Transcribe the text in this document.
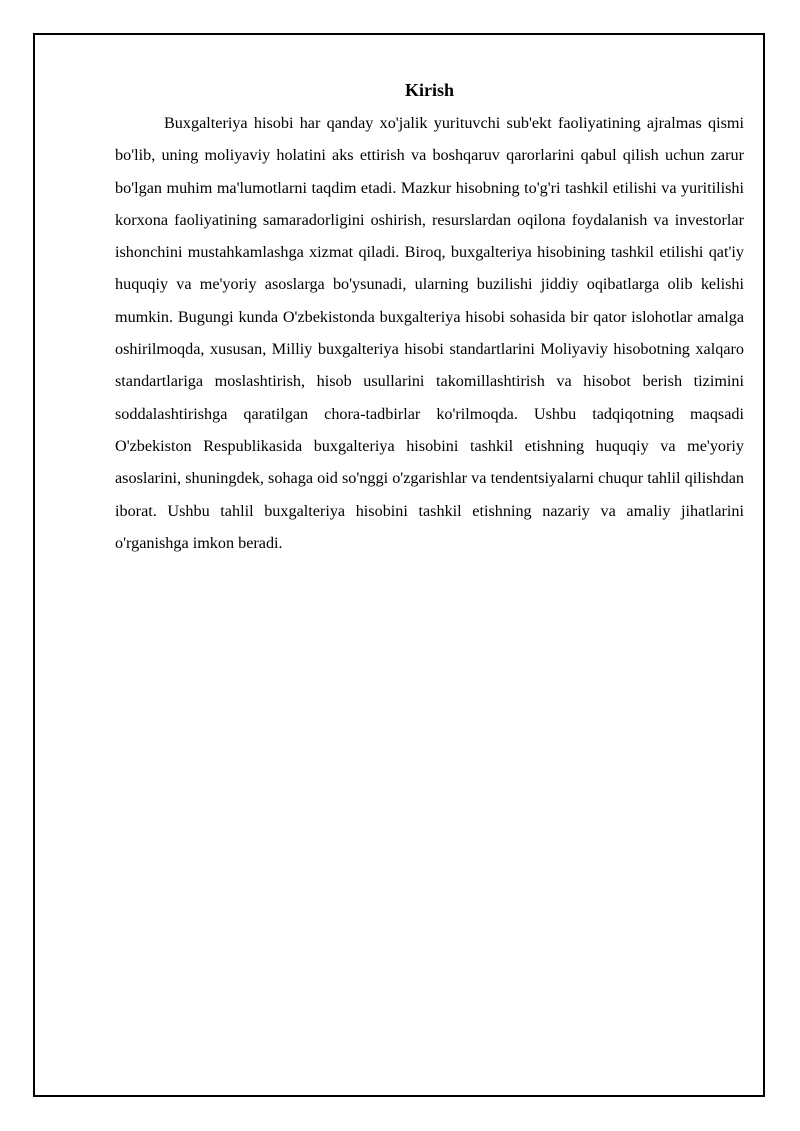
Kirish

Buxgalteriya hisobi har qanday xo'jalik yurituvchi sub'ekt faoliyatining ajralmas qismi bo'lib, uning moliyaviy holatini aks ettirish va boshqaruv qarorlarini qabul qilish uchun zarur bo'lgan muhim ma'lumotlarni taqdim etadi. Mazkur hisobning to'g'ri tashkil etilishi va yuritilishi korxona faoliyatining samaradorligini oshirish, resurslardan oqilona foydalanish va investorlar ishonchini mustahkamlashga xizmat qiladi. Biroq, buxgalteriya hisobining tashkil etilishi qat'iy huquqiy va me'yoriy asoslarga bo'ysunadi, ularning buzilishi jiddiy oqibatlarga olib kelishi mumkin. Bugungi kunda O'zbekistonda buxgalteriya hisobi sohasida bir qator islohotlar amalga oshirilmoqda, xususan, Milliy buxgalteriya hisobi standartlarini Moliyaviy hisobotning xalqaro standartlariga moslashtirish, hisob usullarini takomillashtirish va hisobot berish tizimini soddalashtirishga qaratilgan chora-tadbirlar ko'rilmoqda. Ushbu tadqiqotning maqsadi O'zbekiston Respublikasida buxgalteriya hisobini tashkil etishning huquqiy va me'yoriy asoslarini, shuningdek, sohaga oid so'nggi o'zgarishlar va tendentsiyalarni chuqur tahlil qilishdan iborat. Ushbu tahlil buxgalteriya hisobini tashkil etishning nazariy va amaliy jihatlarini o'rganishga imkon beradi.
